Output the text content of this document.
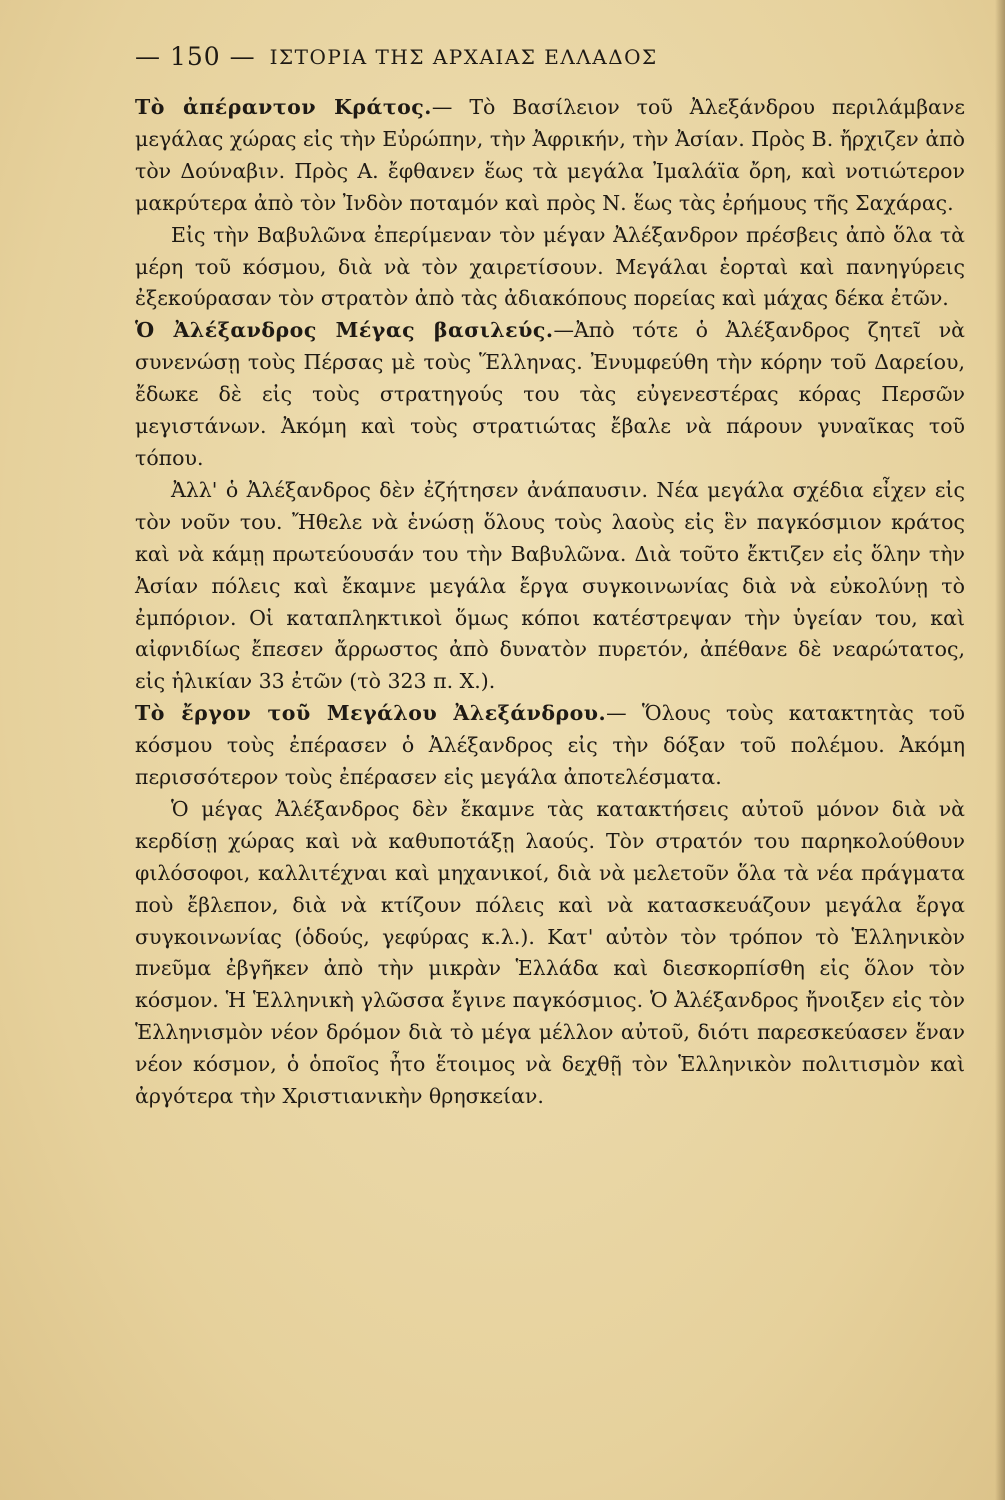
— 150 — ΙΣΤΟΡΙΑ ΤΗΣ ΑΡΧΑΙΑΣ ΕΛΛΑΔΟΣ

Τὸ ἀπέραντον Κράτος.— Τὸ Βασίλειον τοῦ Ἀλεξάνδρου περιλάμβανε μεγάλας χώρας εἰς τὴν Εὐρώπην, τὴν Ἀφρικήν, τὴν Ἀσίαν. Πρὸς Β. ἤρχιζεν ἀπὸ τὸν Δούναβιν. Πρὸς Α. ἔφθανεν ἕως τὰ μεγάλα Ἰμαλάϊα ὄρη, καὶ νοτιώτερον μακρύτερα ἀπὸ τὸν Ἰνδὸν ποταμόν καὶ πρὸς Ν. ἕως τὰς ἐρήμους τῆς Σαχάρας.

Εἰς τὴν Βαβυλῶνα ἐπερίμεναν τὸν μέγαν Ἀλέξανδρον πρέσβεις ἀπὸ ὅλα τὰ μέρη τοῦ κόσμου, διὰ νὰ τὸν χαιρετίσουν. Μεγάλαι ἑορταὶ καὶ πανηγύρεις ἐξεκούρασαν τὸν στρατὸν ἀπὸ τὰς ἀδιακόπους πορείας καὶ μάχας δέκα ἐτῶν.

Ὁ Ἀλέξανδρος Μέγας βασιλεύς.—Ἀπὸ τότε ὁ Ἀλέξανδρος ζητεῖ νὰ συνενώσῃ τοὺς Πέρσας μὲ τοὺς Ἕλληνας. Ἐνυμφεύθη τὴν κόρην τοῦ Δαρείου, ἔδωκε δὲ εἰς τοὺς στρατηγούς του τὰς εὐγενεστέρας κόρας Περσῶν μεγιστάνων. Ἀκόμη καὶ τοὺς στρατιώτας ἔβαλε νὰ πάρουν γυναῖκας τοῦ τόπου.

Ἀλλ' ὁ Ἀλέξανδρος δὲν ἐζήτησεν ἀνάπαυσιν. Νέα μεγάλα σχέδια εἶχεν εἰς τὸν νοῦν του. Ἤθελε νὰ ἑνώσῃ ὅλους τοὺς λαοὺς εἰς ἓν παγκόσμιον κράτος καὶ νὰ κάμῃ πρωτεύουσάν του τὴν Βαβυλῶνα. Διὰ τοῦτο ἔκτιζεν εἰς ὅλην τὴν Ἀσίαν πόλεις καὶ ἔκαμνε μεγάλα ἔργα συγκοινωνίας διὰ νὰ εὐκολύνῃ τὸ ἐμπόριον. Οἱ καταπληκτικοὶ ὅμως κόποι κατέστρεψαν τὴν ὑγείαν του, καὶ αἰφνιδίως ἔπεσεν ἄρρωστος ἀπὸ δυνατὸν πυρετόν, ἀπέθανε δὲ νεαρώτατος, εἰς ἡλικίαν 33 ἐτῶν (τὸ 323 π. Χ.).

Τὸ ἔργον τοῦ Μεγάλου Ἀλεξάνδρου.— Ὅλους τοὺς κατακτητὰς τοῦ κόσμου τοὺς ἐπέρασεν ὁ Ἀλέξανδρος εἰς τὴν δόξαν τοῦ πολέμου. Ἀκόμη περισσότερον τοὺς ἐπέρασεν εἰς μεγάλα ἀποτελέσματα.

Ὁ μέγας Ἀλέξανδρος δὲν ἔκαμνε τὰς κατακτήσεις αὐτοῦ μόνον διὰ νὰ κερδίσῃ χώρας καὶ νὰ καθυποτάξῃ λαούς. Τὸν στρατόν του παρηκολούθουν φιλόσοφοι, καλλιτέχναι καὶ μηχανικοί, διὰ νὰ μελετοῦν ὅλα τὰ νέα πράγματα ποὺ ἔβλεπον, διὰ νὰ κτίζουν πόλεις καὶ νὰ κατασκευάζουν μεγάλα ἔργα συγκοινωνίας (ὁδούς, γεφύρας κ.λ.). Κατ' αὐτὸν τὸν τρόπον τὸ Ἑλληνικὸν πνεῦμα ἐβγῆκεν ἀπὸ τὴν μικρὰν Ἑλλάδα καὶ διεσκορπίσθη εἰς ὅλον τὸν κόσμον. Ἡ Ἑλληνικὴ γλῶσσα ἔγινε παγκόσμιος. Ὁ Ἀλέξανδρος ἤνοιξεν εἰς τὸν Ἑλληνισμὸν νέον δρόμον διὰ τὸ μέγα μέλλον αὐτοῦ, διότι παρεσκεύασεν ἕναν νέον κόσμον, ὁ ὁποῖος ἦτο ἕτοιμος νὰ δεχθῇ τὸν Ἑλληνικὸν πολιτισμὸν καὶ ἀργότερα τὴν Χριστιανικὴν θρησκείαν.
